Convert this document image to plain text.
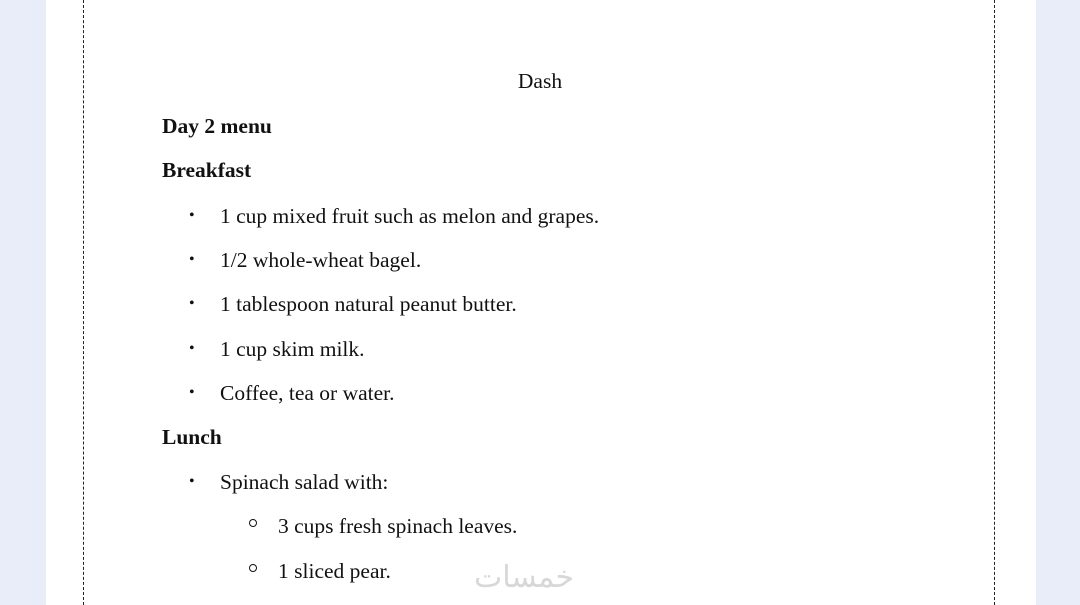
Dash
Day 2 menu
Breakfast
• 1 cup mixed fruit such as melon and grapes.
• 1/2 whole-wheat bagel.
• 1 tablespoon natural peanut butter.
• 1 cup skim milk.
• Coffee, tea or water.
Lunch
• Spinach salad with:
3 cups fresh spinach leaves.
1 sliced pear.	خمسات
